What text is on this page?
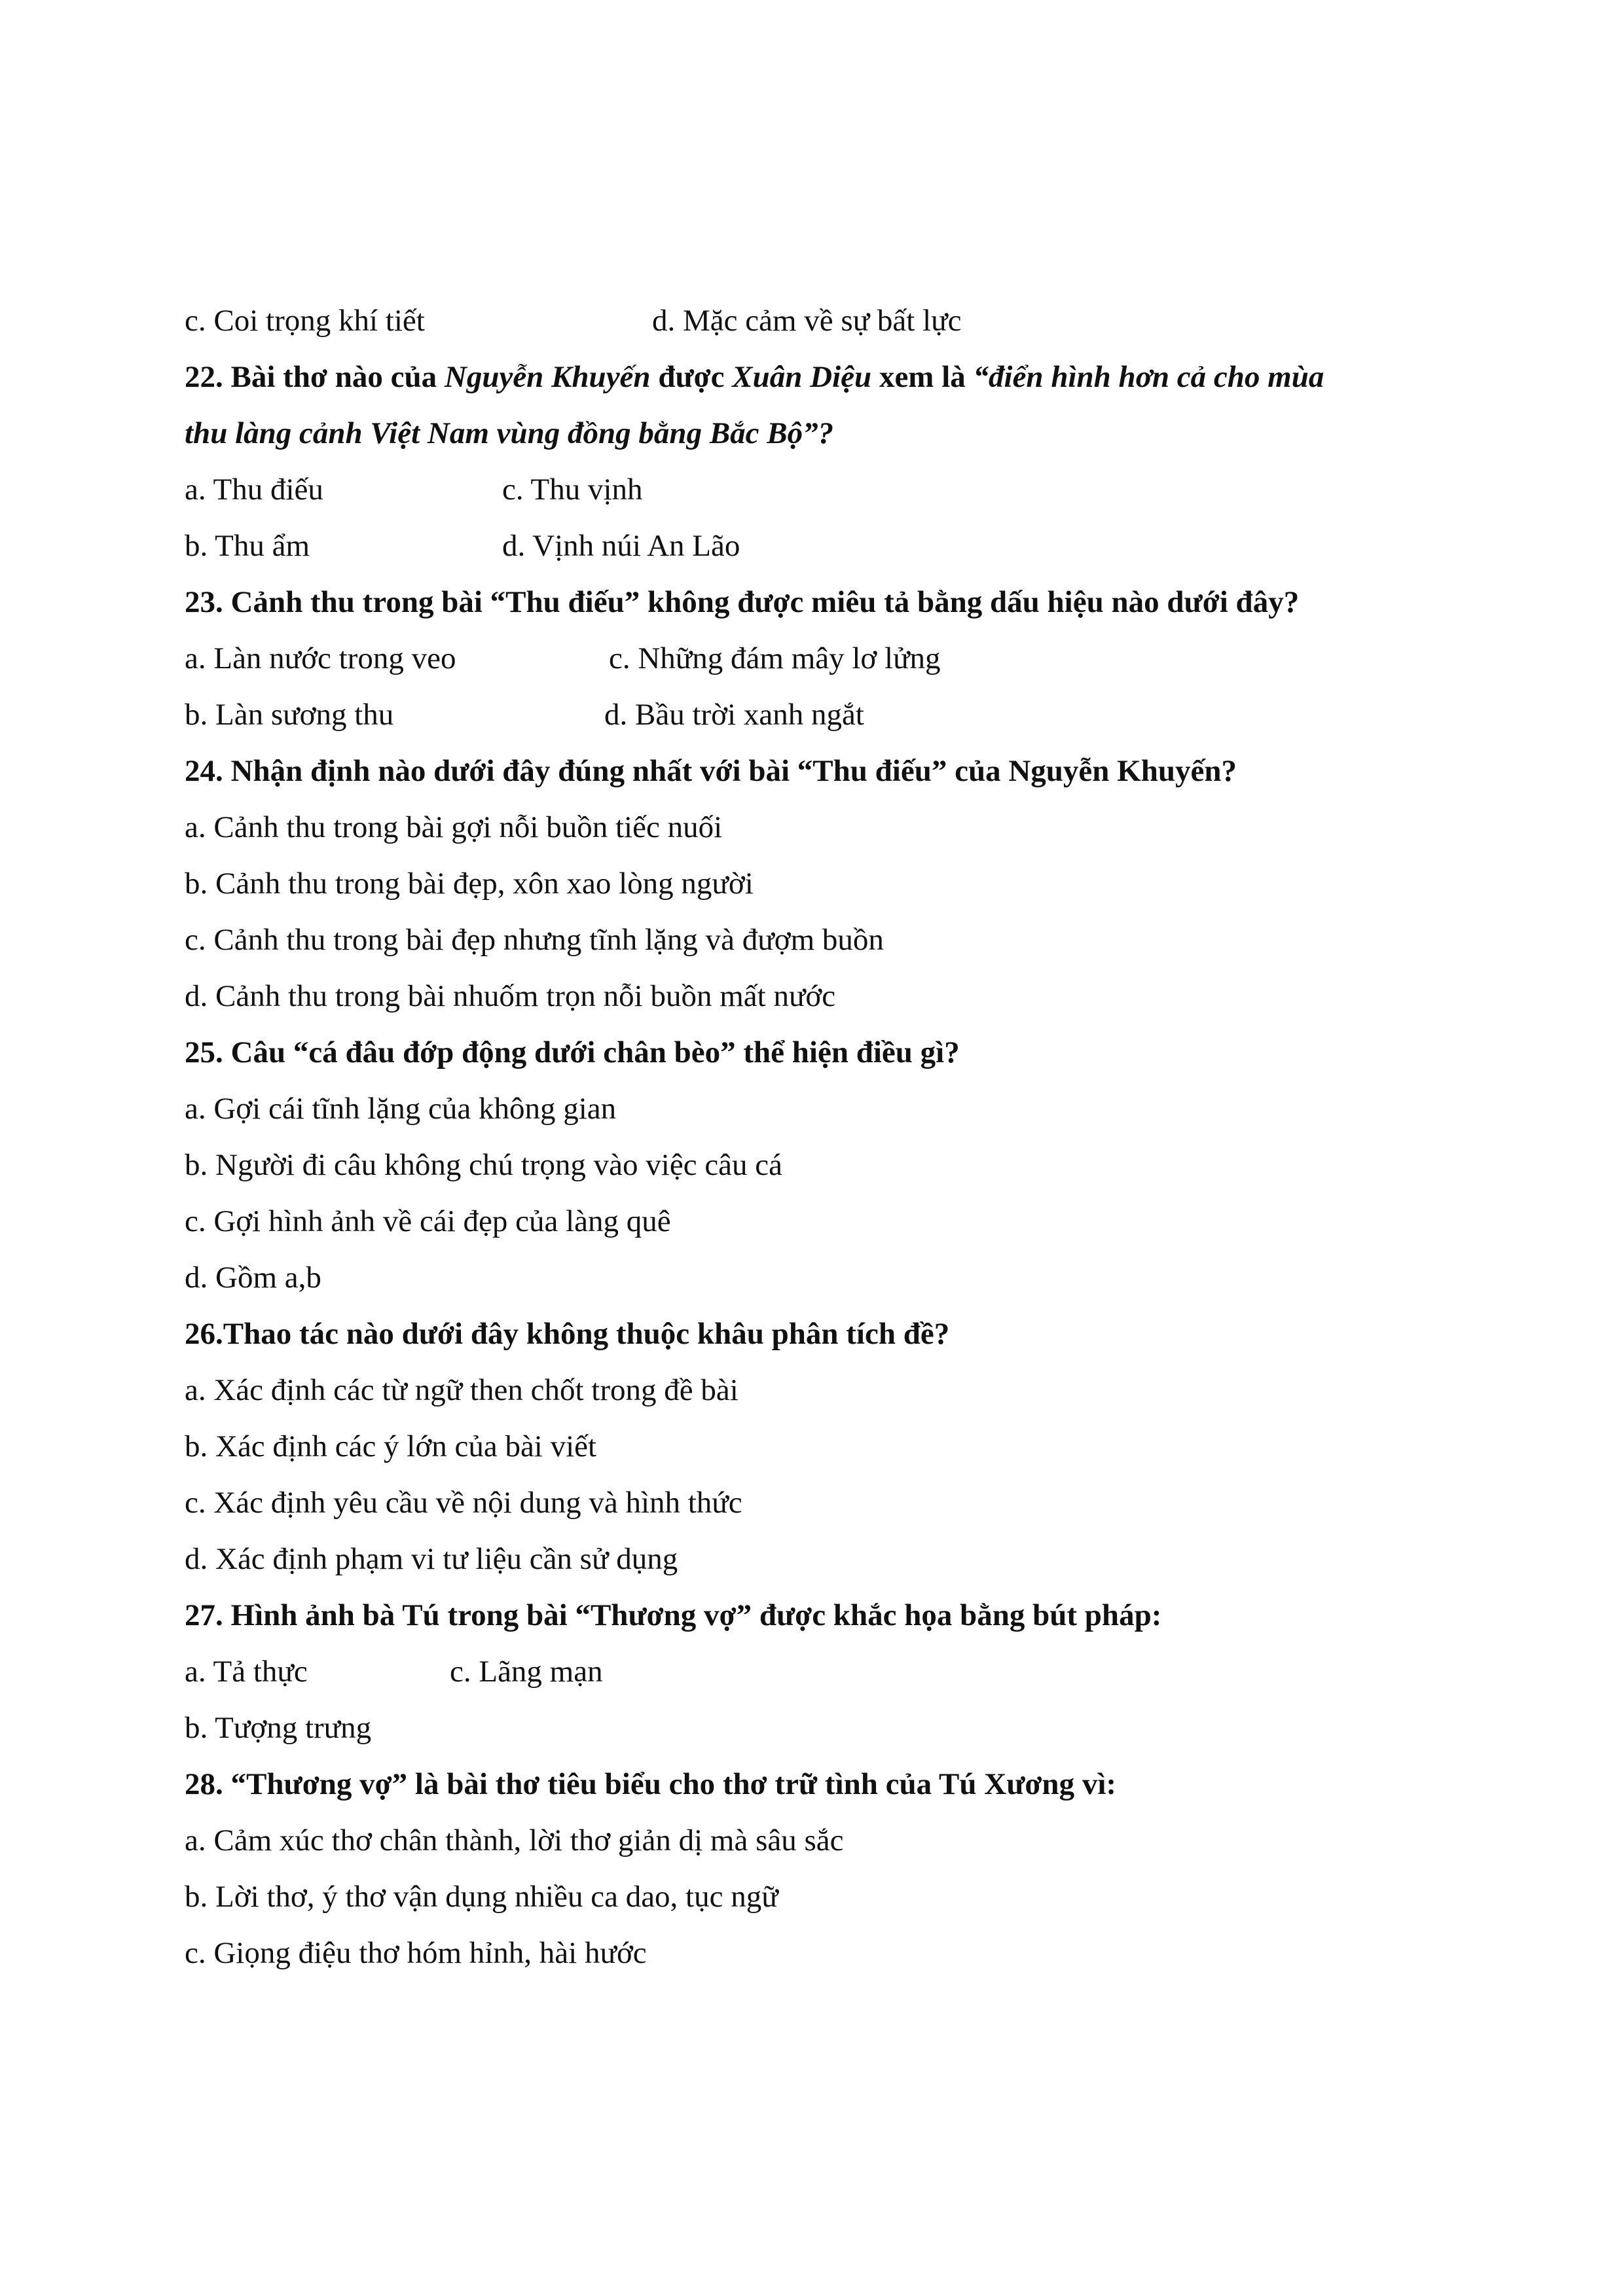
c. Coi trọng khí tiết	d. Mặc cảm về sự bất lực
22. Bài thơ nào của Nguyễn Khuyến được Xuân Diệu xem là “điển hình hơn cả cho mùa
thu làng cảnh Việt Nam vùng đồng bằng Bắc Bộ”?
a. Thu điếu	c. Thu vịnh
b. Thu ẩm	d. Vịnh núi An Lão
23. Cảnh thu trong bài “Thu điếu” không được miêu tả bằng dấu hiệu nào dưới đây?
a. Làn nước trong veo	c. Những đám mây lơ lửng
b. Làn sương thu	d. Bầu trời xanh ngắt
24. Nhận định nào dưới đây đúng nhất với bài “Thu điếu” của Nguyễn Khuyến?
a. Cảnh thu trong bài gợi nỗi buồn tiếc nuối
b. Cảnh thu trong bài đẹp, xôn xao lòng người
c. Cảnh thu trong bài đẹp nhưng tĩnh lặng và đượm buồn
d. Cảnh thu trong bài nhuốm trọn nỗi buồn mất nước
25. Câu “cá đâu đớp động dưới chân bèo” thể hiện điều gì?
a. Gợi cái tĩnh lặng của không gian
b. Người đi câu không chú trọng vào việc câu cá
c. Gợi hình ảnh về cái đẹp của làng quê
d. Gồm a,b
26.Thao tác nào dưới đây không thuộc khâu phân tích đề?
a. Xác định các từ ngữ then chốt trong đề bài
b. Xác định các ý lớn của bài viết
c. Xác định yêu cầu về nội dung và hình thức
d. Xác định phạm vi tư liệu cần sử dụng
27. Hình ảnh bà Tú trong bài “Thương vợ” được khắc họa bằng bút pháp:
a. Tả thực	c. Lãng mạn
b. Tượng trưng
28. “Thương vợ” là bài thơ tiêu biểu cho thơ trữ tình của Tú Xương vì:
a. Cảm xúc thơ chân thành, lời thơ giản dị mà sâu sắc
b. Lời thơ, ý thơ vận dụng nhiều ca dao, tục ngữ
c. Giọng điệu thơ hóm hỉnh, hài hước
